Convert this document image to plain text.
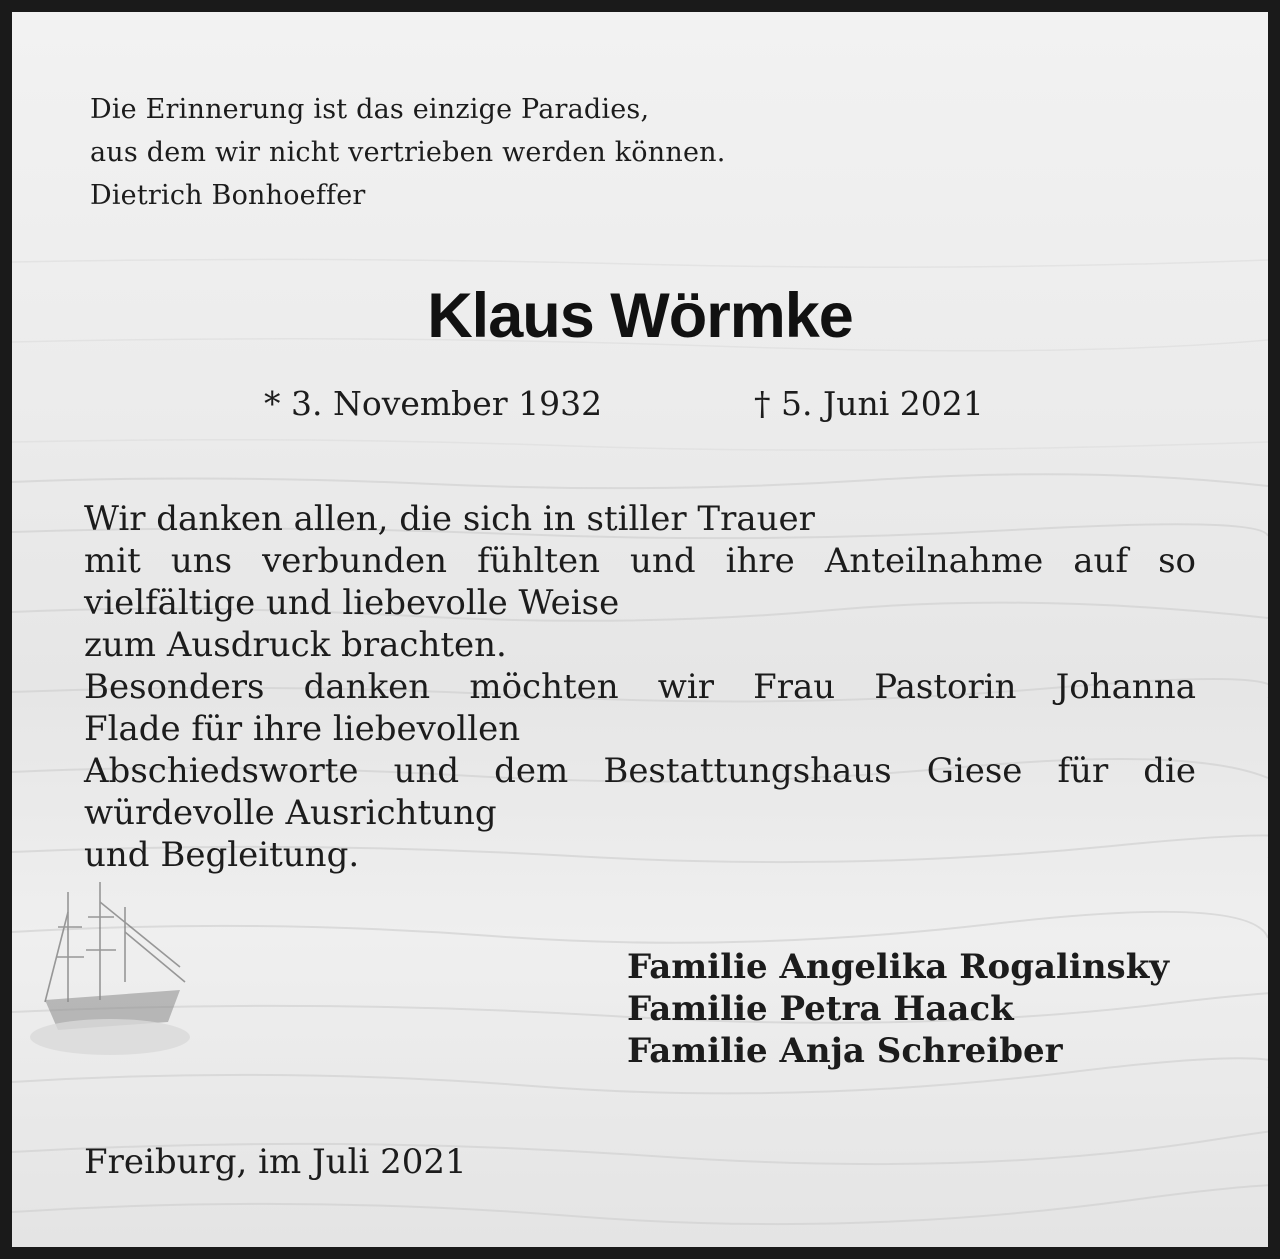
Die Erinnerung ist das einzige Paradies,
aus dem wir nicht vertrieben werden können.
Dietrich Bonhoeffer
Klaus Wörmke
* 3. November 1932	† 5. Juni 2021
Wir danken allen, die sich in stiller Trauer
mit uns verbunden fühlten und ihre Anteilnahme auf so
vielfältige und liebevolle Weise
zum Ausdruck brachten.
Besonders danken möchten wir Frau Pastorin Johanna
Flade für ihre liebevollen
Abschiedsworte und dem Bestattungshaus Giese für die
würdevolle Ausrichtung
und Begleitung.
Familie Angelika Rogalinsky
Familie Petra Haack
Familie Anja Schreiber
Freiburg, im Juli 2021
